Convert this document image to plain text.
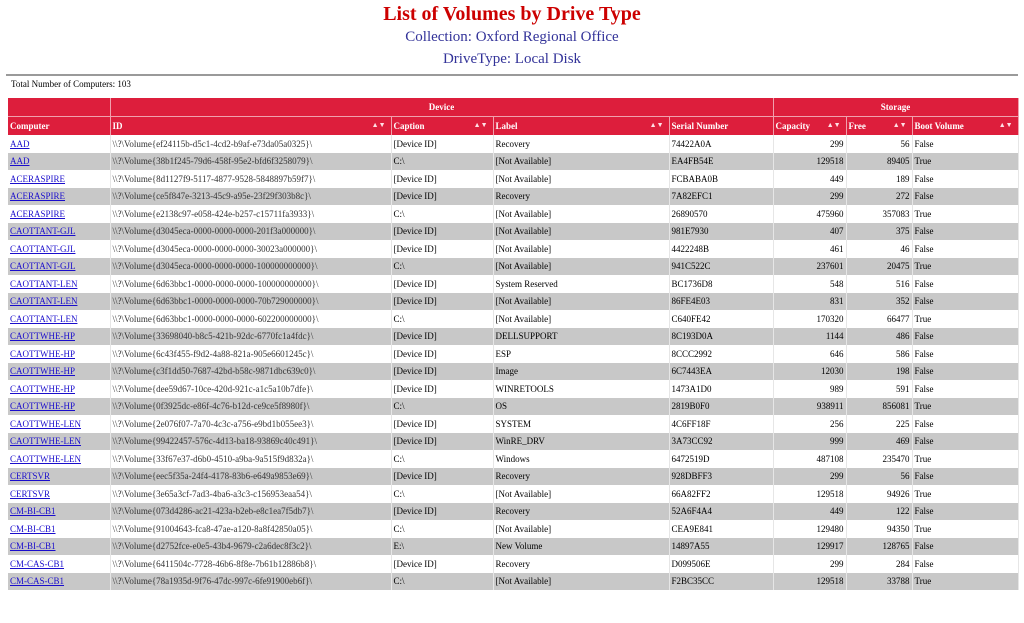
List of Volumes by Drive Type
Collection: Oxford Regional Office
DriveType: Local Disk
Total Number of Computers: 103
	Device				Storage		
Computer	ID ▲▼	Caption ▲▼	Label ▲▼	Serial Number	Capacity ▲▼	Free ▲▼	Boot Volume ▲▼

AAD	\\?\Volume{ef24115b-d5c1-4cd2-b9af-e73da05a0325}\	[Device ID]	Recovery	74422A0A	299	56	False
AAD	\\?\Volume{38b1f245-79d6-458f-95e2-bfd6f3258079}\	C:\	[Not Available]	EA4FB54E	129518	89405	True
ACERASPIRE	\\?\Volume{8d1127f9-5117-4877-9528-5848897b59f7}\	[Device ID]	[Not Available]	FCBABA0B	449	189	False
ACERASPIRE	\\?\Volume{ce5f847e-3213-45c9-a95e-23f29f303b8c}\	[Device ID]	Recovery	7A82EFC1	299	272	False
ACERASPIRE	\\?\Volume{e2138c97-e058-424e-b257-c15711fa3933}\	C:\	[Not Available]	26890570	475960	357083	True
CAOTTANT-GJL	\\?\Volume{d3045eca-0000-0000-0000-201f3a000000}\	[Device ID]	[Not Available]	981E7930	407	375	False
CAOTTANT-GJL	\\?\Volume{d3045eca-0000-0000-0000-30023a000000}\	[Device ID]	[Not Available]	4422248B	461	46	False
CAOTTANT-GJL	\\?\Volume{d3045eca-0000-0000-0000-100000000000}\	C:\	[Not Available]	941C522C	237601	20475	True
CAOTTANT-LEN	\\?\Volume{6d63bbc1-0000-0000-0000-100000000000}\	[Device ID]	System Reserved	BC1736D8	548	516	False
CAOTTANT-LEN	\\?\Volume{6d63bbc1-0000-0000-0000-70b729000000}\	[Device ID]	[Not Available]	86FE4E03	831	352	False
CAOTTANT-LEN	\\?\Volume{6d63bbc1-0000-0000-0000-602200000000}\	C:\	[Not Available]	C640FE42	170320	66477	True
CAOTTWHE-HP	\\?\Volume{33698040-b8c5-421b-92dc-6770fc1a4fdc}\	[Device ID]	DELLSUPPORT	8C193D0A	1144	486	False
CAOTTWHE-HP	\\?\Volume{6c43f455-f9d2-4a88-821a-905e6601245c}\	[Device ID]	ESP	8CCC2992	646	586	False
CAOTTWHE-HP	\\?\Volume{c3f1dd50-7687-42bd-b58c-9871dbc639c0}\	[Device ID]	Image	6C7443EA	12030	198	False
CAOTTWHE-HP	\\?\Volume{dee59d67-10ce-420d-921c-a1c5a10b7dfe}\	[Device ID]	WINRETOOLS	1473A1D0	989	591	False
CAOTTWHE-HP	\\?\Volume{0f3925dc-e86f-4c76-b12d-ce9ce5f8980f}\	C:\	OS	2819B0F0	938911	856081	True
CAOTTWHE-LEN	\\?\Volume{2e076f07-7a70-4c3c-a756-e9bd1b055ee3}\	[Device ID]	SYSTEM	4C6FF18F	256	225	False
CAOTTWHE-LEN	\\?\Volume{99422457-576c-4d13-ba18-93869c40c491}\	[Device ID]	WinRE_DRV	3A73CC92	999	469	False
CAOTTWHE-LEN	\\?\Volume{33f67e37-d6b0-4510-a9ba-9a515f9d832a}\	C:\	Windows	6472519D	487108	235470	True
CERTSVR	\\?\Volume{eec5f35a-24f4-4178-83b6-e649a9853e69}\	[Device ID]	Recovery	928DBFF3	299	56	False
CERTSVR	\\?\Volume{3e65a3cf-7ad3-4ba6-a3c3-c156953eaa54}\	C:\	[Not Available]	66A82FF2	129518	94926	True
CM-BI-CB1	\\?\Volume{073d4286-ac21-423a-b2eb-e8c1ea7f5db7}\	[Device ID]	Recovery	52A6F4A4	449	122	False
CM-BI-CB1	\\?\Volume{91004643-fca8-47ae-a120-8a8f42850a05}\	C:\	[Not Available]	CEA9E841	129480	94350	True
CM-BI-CB1	\\?\Volume{d2752fce-e0e5-43b4-9679-c2a6dec8f3c2}\	E:\	New Volume	14897A55	129917	128765	False
CM-CAS-CB1	\\?\Volume{6411504c-7728-46b6-8f8e-7b61b12886b8}\	[Device ID]	Recovery	D099506E	299	284	False
CM-CAS-CB1	\\?\Volume{78a1935d-9f76-47dc-997c-6fe91900eb6f}\	C:\	[Not Available]	F2BC35CC	129518	33788	True
